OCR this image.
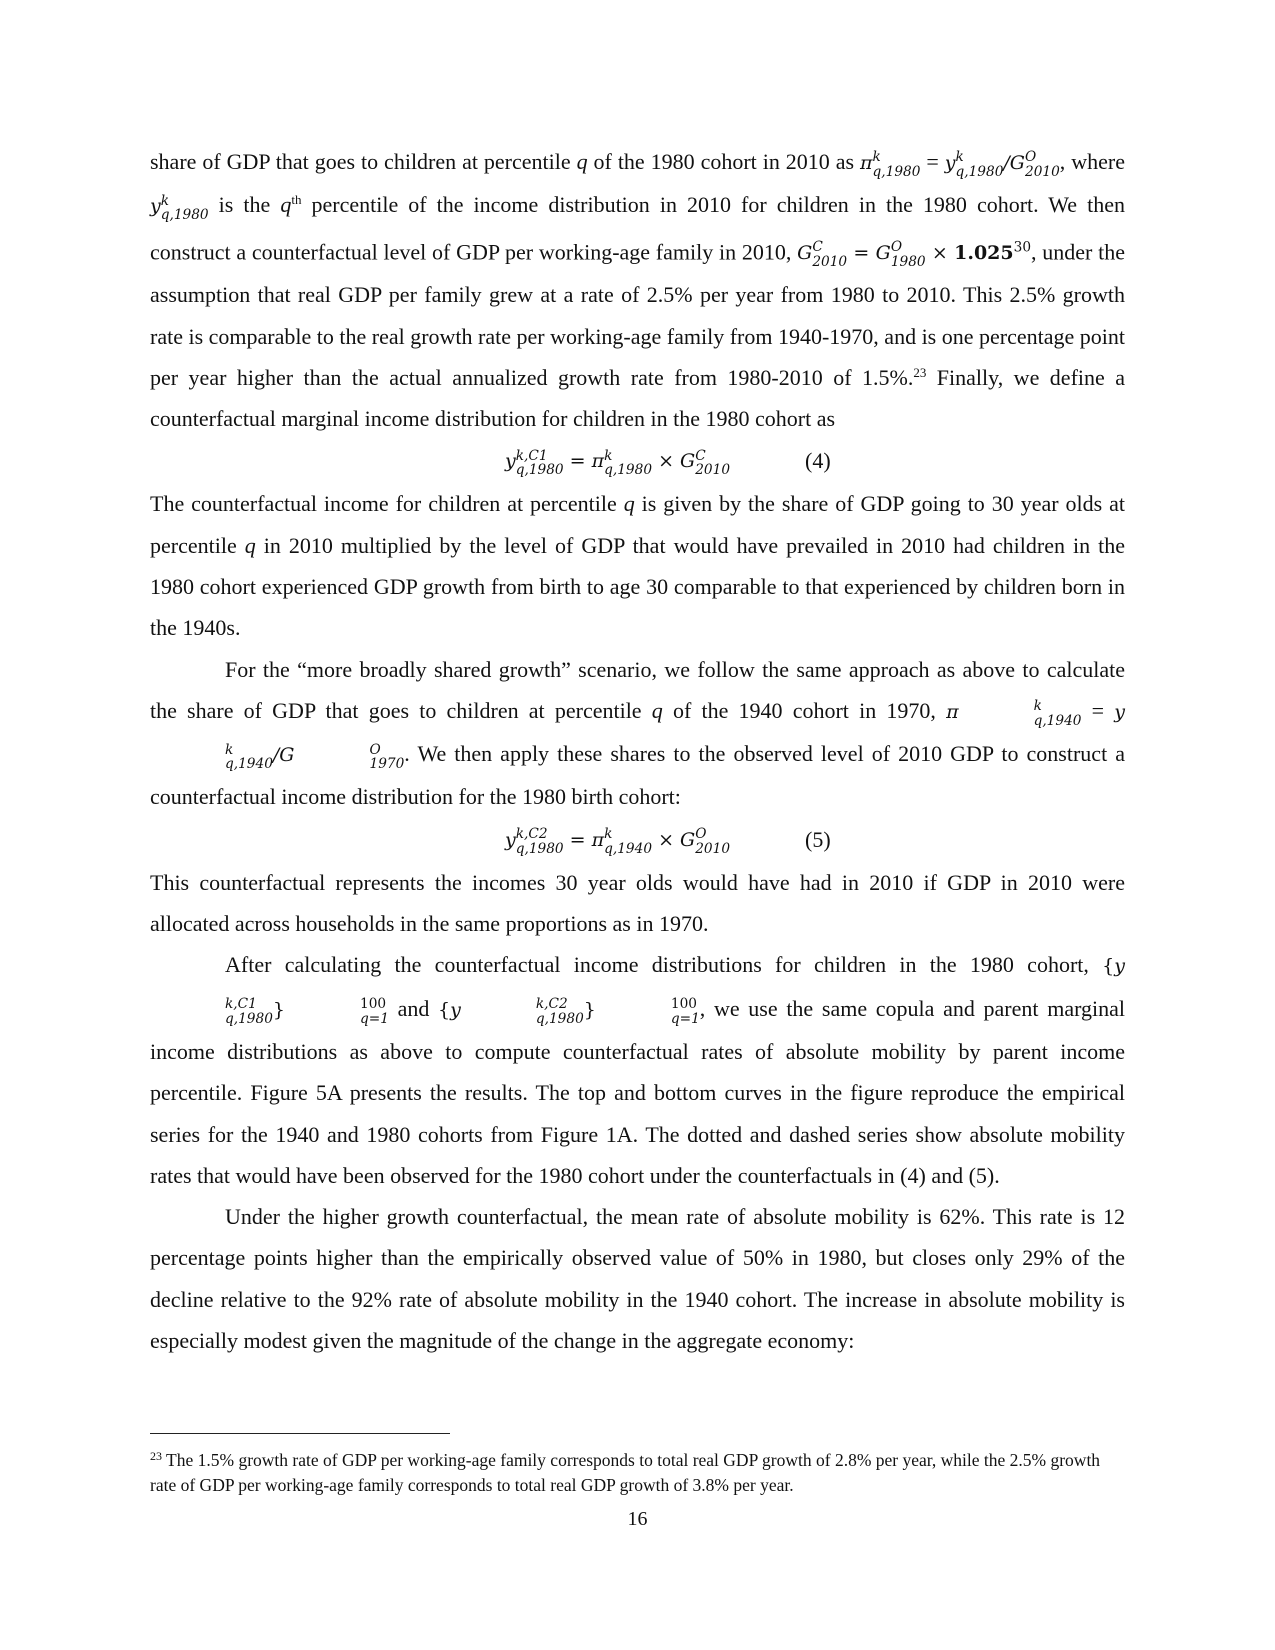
share of GDP that goes to children at percentile q of the 1980 cohort in 2010 as π k
q,1980 = y k
q,1980 /G O
2010 , where y k
q,1980 is the q$^{th}$ percentile of the income distribution in 2010 for children in the 1980 cohort. We then construct a counterfactual level of GDP per working-age family in 2010, G C
2010 = G O
$1980 \times 1.025^{30}$, under the assumption that real GDP per family grew at a rate of 2.5% per year from 1980 to 2010. This 2.5% growth rate is comparable to the real growth rate per working-age family from 1940-1970, and is one percentage point per year higher than the actual annualized growth rate from 1980-2010 of 1.5%.$^{23}$ Finally, we define a counterfactual marginal income distribution for children in the 1980 cohort as

y k,C1
q,1980 = π k
q,1980 × G C
2010	(4)

The counterfactual income for children at percentile q is given by the share of GDP going to 30 year olds at percentile q in 2010 multiplied by the level of GDP that would have prevailed in 2010 had children in the 1980 cohort experienced GDP growth from birth to age 30 comparable to that experienced by children born in the 1940s.

For the “more broadly shared growth” scenario, we follow the same approach as above to calculate the share of GDP that goes to children at percentile q of the 1940 cohort in 1970, π	k
q,1940 = y
k
q,1940 /G	O
1970 . We then apply these shares to the observed level of 2010 GDP to construct a counterfactual income distribution for the 1980 birth cohort:

y k,C2
q,1980 = π k
q,1940 × G O
2010	(5)

This counterfactual represents the incomes 30 year olds would have had in 2010 if GDP in 2010 were allocated across households in the same proportions as in 1970.

After calculating the counterfactual income distributions for children in the 1980 cohort, {y
k,C1
q,1980 }	100
q=1 and {y	k,C2
q,1980 }	100
q=1 , we use the same copula and parent marginal income distributions as above to compute counterfactual rates of absolute mobility by parent income percentile. Figure 5A presents the results. The top and bottom curves in the figure reproduce the empirical series for the 1940 and 1980 cohorts from Figure 1A. The dotted and dashed series show absolute mobility rates that would have been observed for the 1980 cohort under the counterfactuals in (4) and (5).

Under the higher growth counterfactual, the mean rate of absolute mobility is 62%. This rate is 12 percentage points higher than the empirically observed value of 50% in 1980, but closes only 29% of the decline relative to the 92% rate of absolute mobility in the 1940 cohort. The increase in absolute mobility is especially modest given the magnitude of the change in the aggregate economy:

$^{23}$ The 1.5% growth rate of GDP per working-age family corresponds to total real GDP growth of 2.8% per year, while the 2.5% growth rate of GDP per working-age family corresponds to total real GDP growth of 3.8% per year.
16
